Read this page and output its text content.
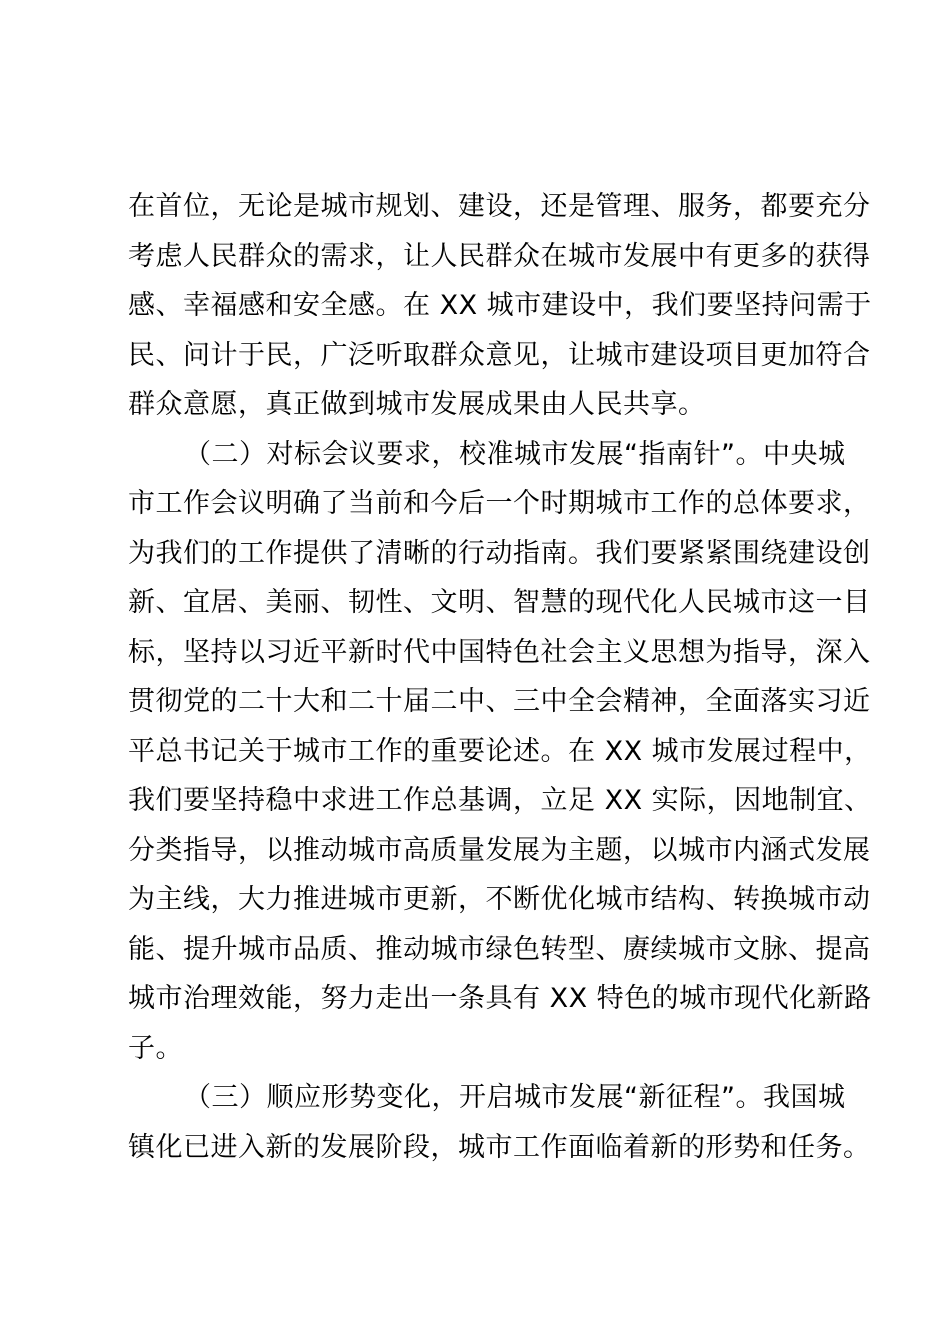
在首位，无论是城市规划、建设，还是管理、服务，都要充分
考虑人民群众的需求，让人民群众在城市发展中有更多的获得
感、幸福感和安全感。在 XX 城市建设中，我们要坚持问需于
民、问计于民，广泛听取群众意见，让城市建设项目更加符合
群众意愿，真正做到城市发展成果由人民共享。
（二）对标会议要求，校准城市发展“指南针”。中央城
市工作会议明确了当前和今后一个时期城市工作的总体要求，
为我们的工作提供了清晰的行动指南。我们要紧紧围绕建设创
新、宜居、美丽、韧性、文明、智慧的现代化人民城市这一目
标，坚持以习近平新时代中国特色社会主义思想为指导，深入
贯彻党的二十大和二十届二中、三中全会精神，全面落实习近
平总书记关于城市工作的重要论述。在 XX 城市发展过程中，
我们要坚持稳中求进工作总基调，立足 XX 实际，因地制宜、
分类指导，以推动城市高质量发展为主题，以城市内涵式发展
为主线，大力推进城市更新，不断优化城市结构、转换城市动
能、提升城市品质、推动城市绿色转型、赓续城市文脉、提高
城市治理效能，努力走出一条具有 XX 特色的城市现代化新路
子。
（三）顺应形势变化，开启城市发展“新征程”。我国城
镇化已进入新的发展阶段，城市工作面临着新的形势和任务。
